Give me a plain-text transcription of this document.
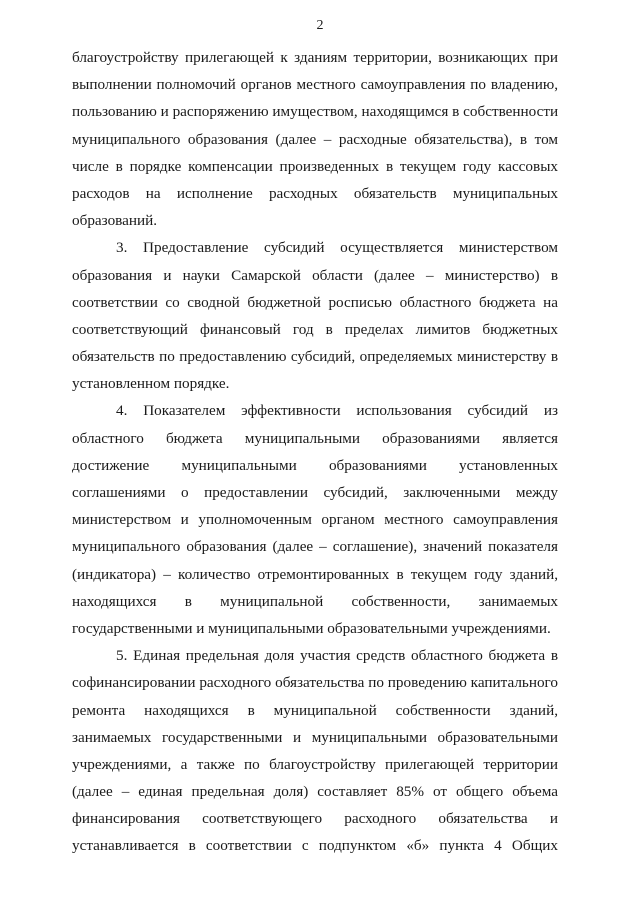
2
благоустройству прилегающей к зданиям территории, возникающих при
выполнении полномочий органов местного самоуправления по владению,
пользованию и распоряжению имуществом, находящимся в собственности
муниципального образования (далее – расходные обязательства), в том
числе в порядке компенсации произведенных в текущем году кассовых
расходов на исполнение расходных обязательств муниципальных
образований.
3. Предоставление субсидий осуществляется министерством
образования и науки Самарской области (далее – министерство) в
соответствии со сводной бюджетной росписью областного бюджета на
соответствующий финансовый год в пределах лимитов бюджетных
обязательств по предоставлению субсидий, определяемых министерству в
установленном порядке.
4. Показателем эффективности использования субсидий из
областного бюджета муниципальными образованиями является
достижение муниципальными образованиями установленных
соглашениями о предоставлении субсидий, заключенными между
министерством и уполномоченным органом местного самоуправления
муниципального образования (далее – соглашение), значений показателя
(индикатора) – количество отремонтированных в текущем году зданий,
находящихся в муниципальной собственности, занимаемых
государственными и муниципальными образовательными учреждениями.
5. Единая предельная доля участия средств областного бюджета в
софинансировании расходного обязательства по проведению капитального
ремонта находящихся в муниципальной собственности зданий,
занимаемых государственными и муниципальными образовательными
учреждениями, а также по благоустройству прилегающей территории
(далее – единая предельная доля) составляет 85% от общего объема
финансирования соответствующего расходного обязательства и
устанавливается в соответствии с подпунктом «б» пункта 4 Общих
